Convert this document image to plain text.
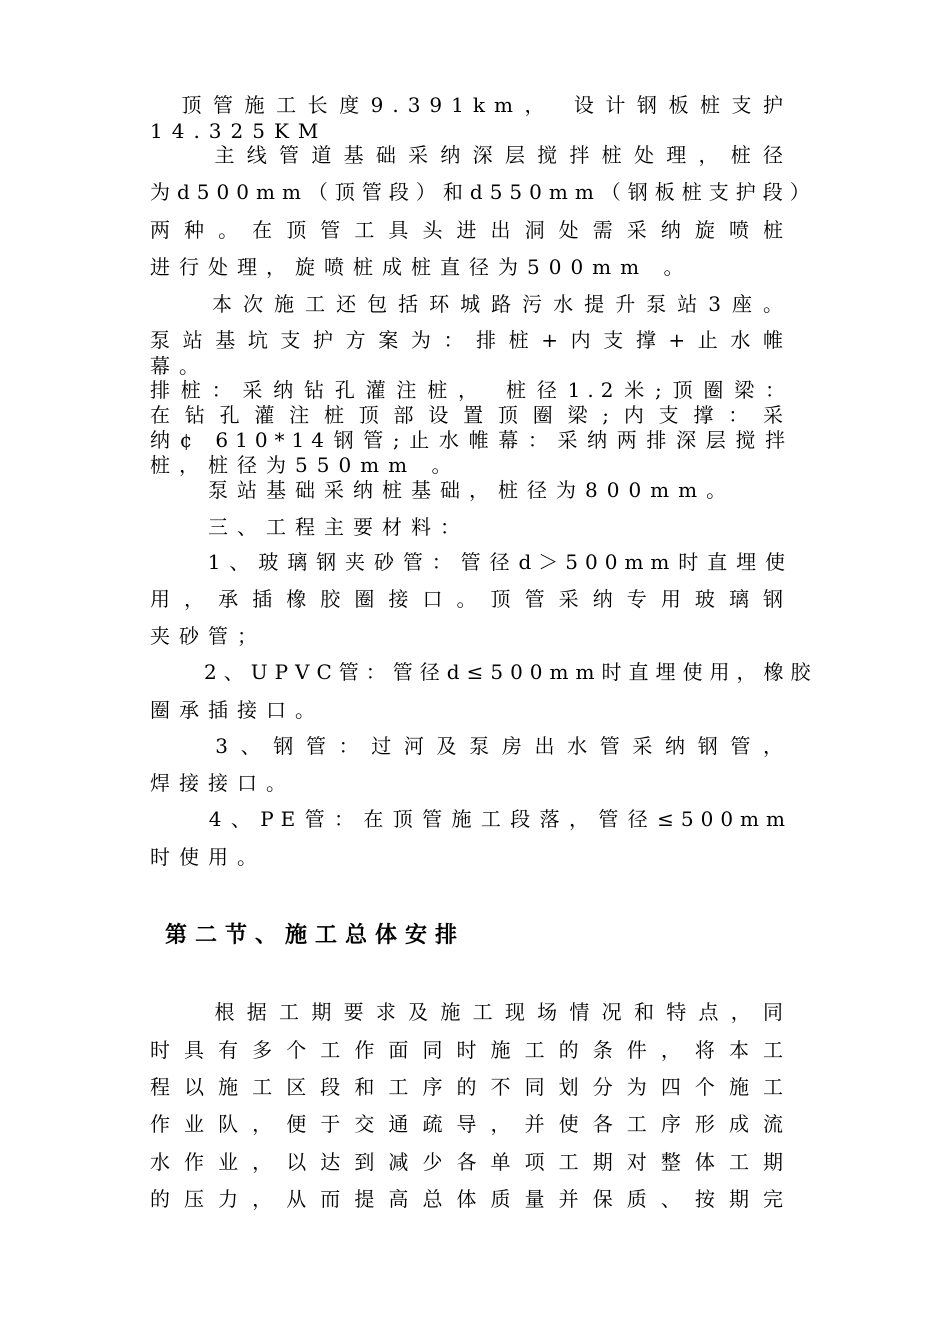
　顶管施工长度9.391km， 设计钢板桩支护
14.325KM
　　主线管道基础采纳深层搅拌桩处理，桩径
为d500mm（顶管段）和d550mm（钢板桩支护段）
两种。在顶管工具头进出洞处需采纳旋喷桩
进行处理，旋喷桩成桩直径为500mm 。
　　本次施工还包括环城路污水提升泵站3座。
泵站基坑支护方案为：排桩+内支撑+止水帷
幕。
排桩：采纳钻孔灌注桩， 桩径1.2米;顶圈梁：
在钻孔灌注桩顶部设置顶圈梁;内支撑：采
纳¢ 610*14钢管;止水帷幕：采纳两排深层搅拌
桩，桩径为550mm 。
　　泵站基础采纳桩基础，桩径为800mm。
　　三、工程主要材料：
　　1、玻璃钢夹砂管：管径d＞500mm时直埋使
用，承插橡胶圈接口。顶管采纳专用玻璃钢
夹砂管；
　　2、UPVC管：管径d≤500mm时直埋使用，橡胶
圈承插接口。
　　3、钢管：过河及泵房出水管采纳钢管，
焊接接口。
　　4、PE管：在顶管施工段落，管径≤500mm
时使用。
第二节、施工总体安排
　　根据工期要求及施工现场情况和特点，同
时具有多个工作面同时施工的条件，将本工
程以施工区段和工序的不同划分为四个施工
作业队，便于交通疏导，并使各工序形成流
水作业，以达到减少各单项工期对整体工期
的压力，从而提高总体质量并保质、按期完
